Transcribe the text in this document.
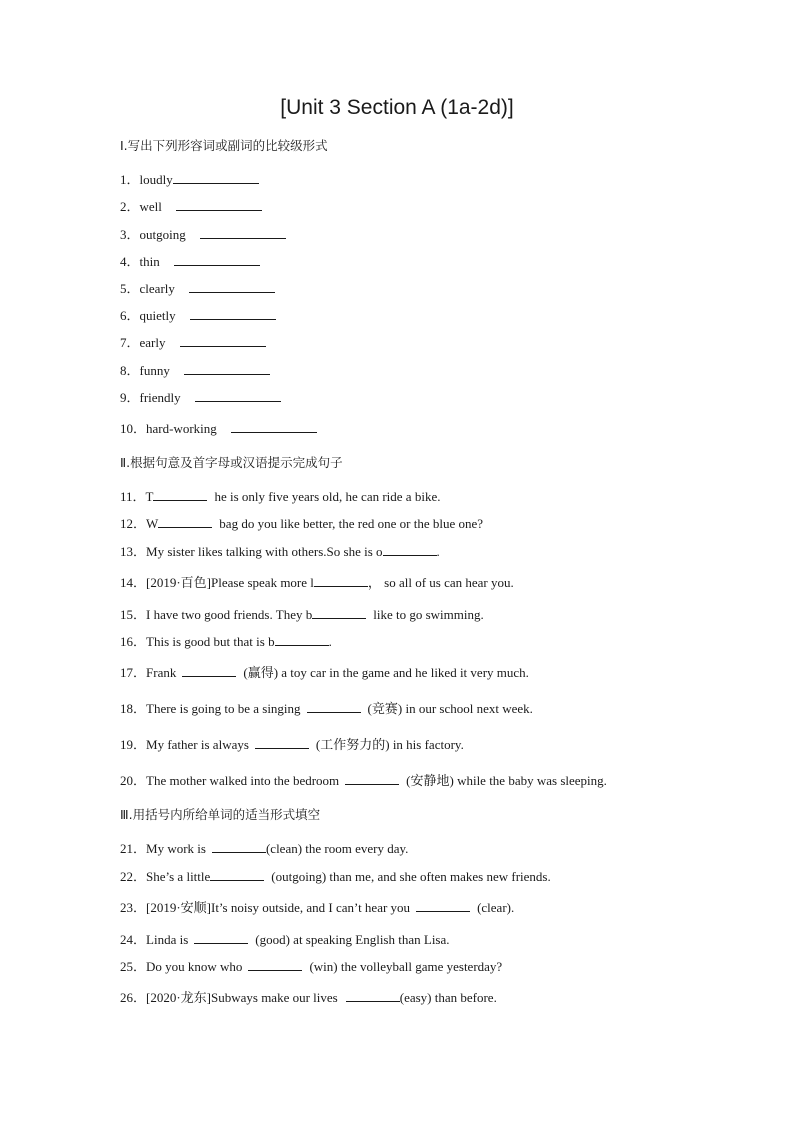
[Unit 3 Section A (1a-2d)]
Ⅰ.写出下列形容词或副词的比较级形式
1．loudly
2．well
3．outgoing
4．thin
5．clearly
6．quietly
7．early
8．funny
9．friendly
10．hard-working
Ⅱ.根据句意及首字母或汉语提示完成句子
11．T	he is only five years old, he can ride a bike.
12．W	bag do you like better, the red one or the blue one?
13．My sister likes talking with others.So she is o	.
14．[2019·百色]Please speak more l	， so all of us can hear you.
15．I have two good friends. They b	like to go swimming.
16．This is good but that is b	.
17．Frank	(赢得) a toy car in the game and he liked it very much.
18．There is going to be a singing	(竞赛) in our school next week.
19．My father is always	(工作努力的) in his factory.
20．The mother walked into the bedroom	(安静地) while the baby was sleeping.
Ⅲ.用括号内所给单词的适当形式填空
21．My work is	(clean) the room every day.
22．She’s a little	(outgoing) than me, and she often makes new friends.
23．[2019·安顺]It’s noisy outside, and I can’t hear you	(clear).
24．Linda is	(good) at speaking English than Lisa.
25．Do you know who	(win) the volleyball game yesterday?
26．[2020·龙东]Subways make our lives	(easy) than before.
